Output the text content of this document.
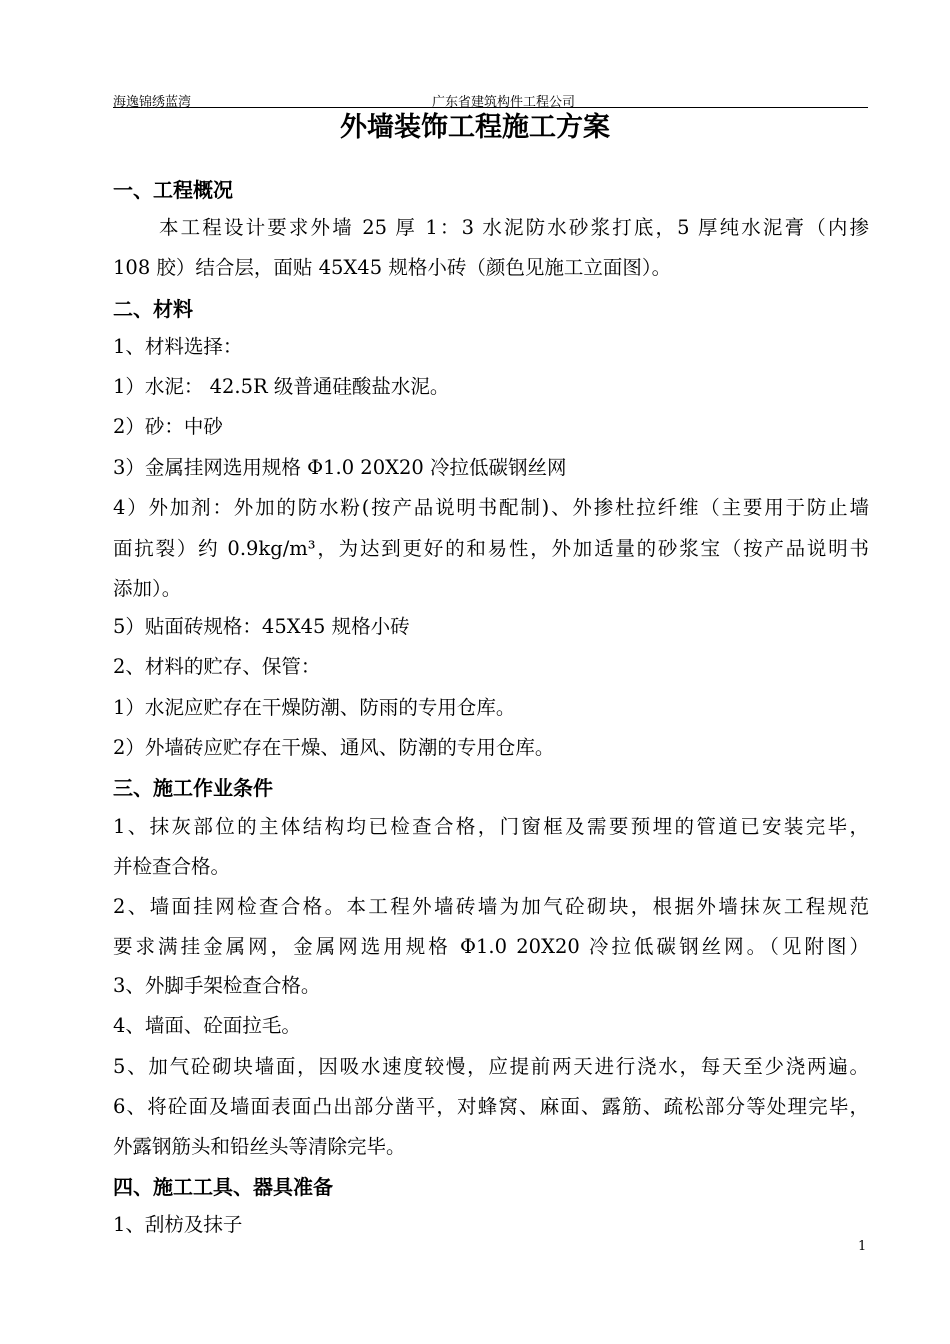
海逸锦绣蓝湾	广东省建筑构件工程公司
外墙装饰工程施工方案
一、工程概况
本工程设计要求外墙 25 厚 1：3 水泥防水砂浆打底，5 厚纯水泥膏（内掺
108 胶）结合层，面贴 45X45 规格小砖（颜色见施工立面图）。
二、材料
1、材料选择：
1）水泥： 42.5R 级普通硅酸盐水泥。
2）砂：中砂
3）金属挂网选用规格 Φ1.0 20X20 冷拉低碳钢丝网
4）外加剂：外加的防水粉(按产品说明书配制)、外掺杜拉纤维（主要用于防止墙
面抗裂）约 0.9kg/m³，为达到更好的和易性，外加适量的砂浆宝（按产品说明书
添加）。
5）贴面砖规格：45X45 规格小砖
2、材料的贮存、保管：
1）水泥应贮存在干燥防潮、防雨的专用仓库。
2）外墙砖应贮存在干燥、通风、防潮的专用仓库。
三、施工作业条件
1、抹灰部位的主体结构均已检查合格，门窗框及需要预埋的管道已安装完毕，
并检查合格。
2、墙面挂网检查合格。本工程外墙砖墙为加气砼砌块，根据外墙抹灰工程规范
要求满挂金属网，金属网选用规格 Φ1.0 20X20 冷拉低碳钢丝网。（见附图）
3、外脚手架检查合格。
4、墙面、砼面拉毛。
5、加气砼砌块墙面，因吸水速度较慢，应提前两天进行浇水，每天至少浇两遍。
6、将砼面及墙面表面凸出部分凿平，对蜂窝、麻面、露筋、疏松部分等处理完毕，
外露钢筋头和铅丝头等清除完毕。
四、施工工具、器具准备
1、刮枋及抹子
1
